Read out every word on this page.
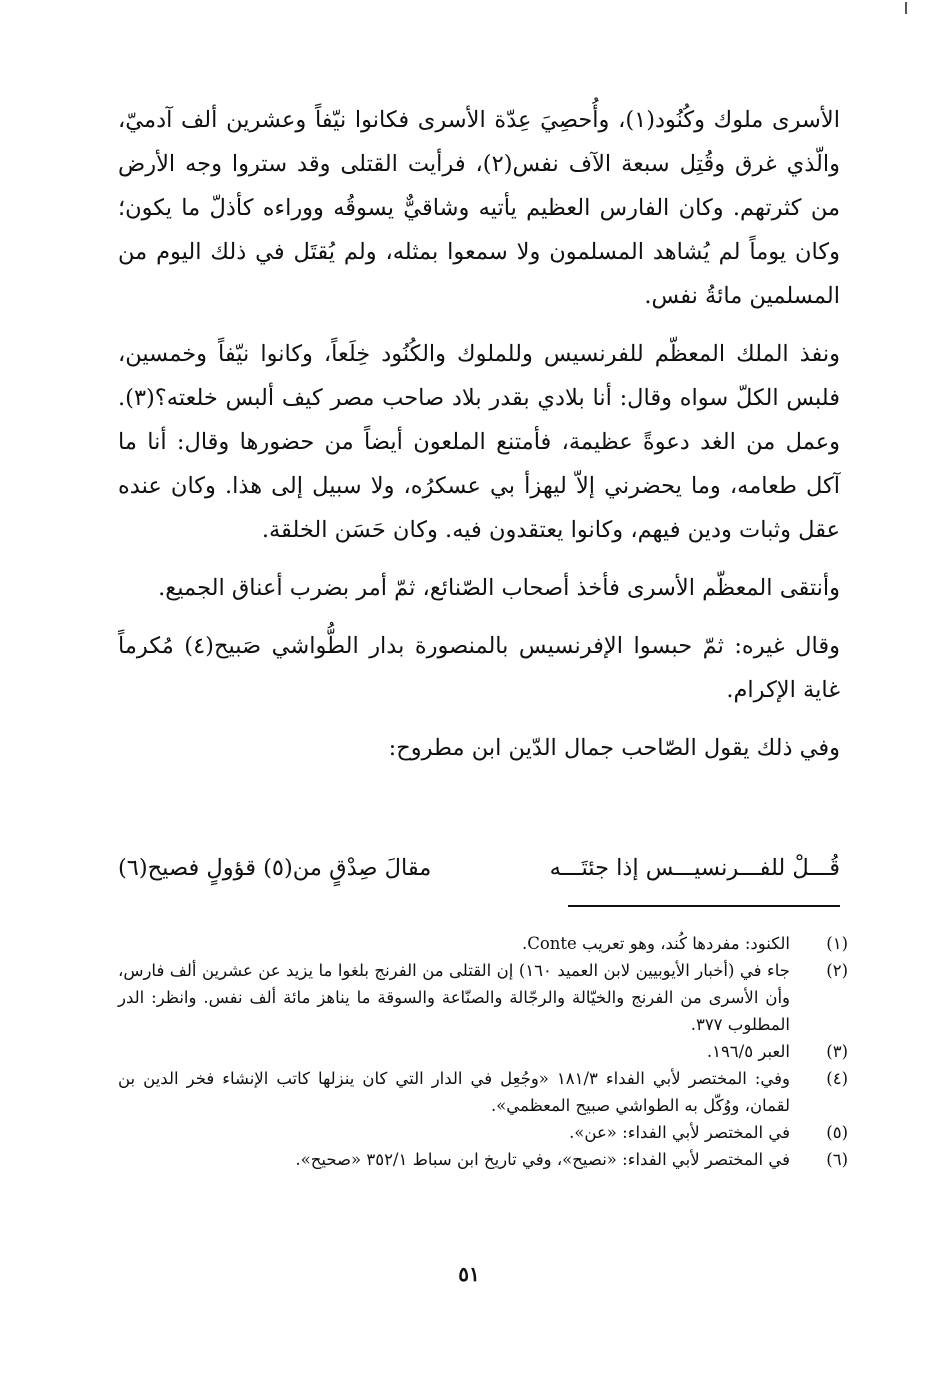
الأسرى ملوك وكُنُود(١)، وأُحصِيَ عِدّة الأسرى فكانوا نيّفاً وعشرين ألف آدميّ، والّذي غرق وقُتِل سبعة الآف نفس(٢)، فرأيت القتلى وقد ستروا وجه الأرض من كثرتهم. وكان الفارس العظيم يأتيه وشاقيٌّ يسوقُه ووراءه كأذلّ ما يكون؛ وكان يوماً لم يُشاهد المسلمون ولا سمعوا بمثله، ولم يُقتَل في ذلك اليوم من المسلمين مائةُ نفس.

ونفذ الملك المعظّم للفرنسيس وللملوك والكُنُود خِلَعاً، وكانوا نيّفاً وخمسين، فلبس الكلّ سواه وقال: أنا بلادي بقدر بلاد صاحب مصر كيف ألبس خلعته؟(٣). وعمل من الغد دعوةً عظيمة، فأمتنع الملعون أيضاً من حضورها وقال: أنا ما آكل طعامه، وما يحضرني إلاّ ليهزأ بي عسكرُه، ولا سبيل إلى هذا. وكان عنده عقل وثبات ودين فيهم، وكانوا يعتقدون فيه. وكان حَسَن الخلقة.

وأنتقى المعظّم الأسرى فأخذ أصحاب الصّنائع، ثمّ أمر بضرب أعناق الجميع.

وقال غيره: ثمّ حبسوا الإفرنسيس بالمنصورة بدار الطُّواشي صَبيح(٤) مُكرماً غاية الإكرام.

وفي ذلك يقول الصّاحب جمال الدّين ابن مطروح:

قُـــلْ للفـــرنسيـــس إذا جئتَـــه
مقالَ صِدْقٍ من(٥) قؤولٍ فصيح(٦)
(١)
الكنود: مفردها كُند، وهو تعريب Conte.
(٢)
جاء في (أخبار الأيوبيين لابن العميد ١٦٠) إن القتلى من الفرنج بلغوا ما يزيد عن عشرين ألف فارس، وأن الأسرى من الفرنج والخيّالة والرجّالة والصنّاعة والسوقة ما يناهز مائة ألف نفس. وانظر: الدر المطلوب ٣٧٧.
(٣)
العبر ١٩٦/٥.
(٤)
وفي: المختصر لأبي الفداء ١٨١/٣ «وجُعِل في الدار التي كان ينزلها كاتب الإنشاء فخر الدين بن لقمان، ووُكّل به الطواشي صبيح المعظمي».
(٥)
في المختصر لأبي الفداء: «عن».
(٦)
في المختصر لأبي الفداء: «نصيح»، وفي تاريخ ابن سباط ٣٥٢/١ «صحيح».
٥١
